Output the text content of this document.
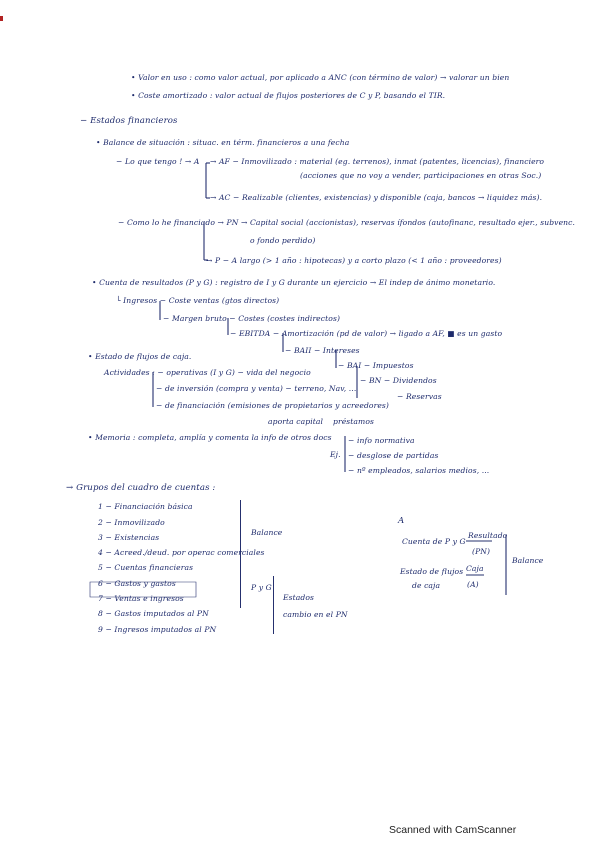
• Valor en uso : como valor actual, por aplicado a ANC (con término de valor) → valorar un bien
• Coste amortizado : valor actual de flujos posteriores de C y P, basando el TIR.
− Estados financieros
• Balance de situación : situac. en térm. financieros a una fecha
− Lo que tengo ! → A → AF − Inmovilizado : material (eg. terrenos), inmat (patentes, licencias), financiero
(acciones que no voy a vender, participaciones en otras Soc.)
→ AC − Realizable (clientes, existencias) y disponible (caja, bancos → liquidez más).
− Como lo he financiado → PN → Capital social (accionistas), reservas ífondos (autofinanc, resultado ejer., subvenc.
o fondo perdido)
→ P − A largo (> 1 año : hipotecas) y a corto plazo (< 1 año : proveedores)
• Cuenta de resultados (P y G) : registro de I y G durante un ejercicio → El indep de ánimo monetario.
└ Ingresos − Coste ventas (gtos directos)
− Margen bruto − Costes (costes indirectos)
− EBITDA − Amortización (pd de valor) → ligado a AF, ■ es un gasto
− BAII − Intereses
• Estado de flujos de caja.
− BAI − Impuestos
Actividades : − operativas (I y G) − vida del negocio
− BN − Dividendos
− de inversión (compra y venta) − terreno, Nav, ...
− Reservas
− de financiación (emisiones de propietarios y acreedores)
aporta capital préstamos
• Memoria : completa, amplía y comenta la info de otros docs
Ej.
− info normativa
− desglose de partidas
− nº empleados, salarios medios, ...
→ Grupos del cuadro de cuentas :
1 − Financiación básica
2 − Inmovilizado
3 − Existencias
4 − Acreed./deud. por operac comerciales
5 − Cuentas financieras
6 − Gastos y gastos
7 − Ventas e ingresos
8 − Gastos imputados al PN
9 − Ingresos imputados al PN
Balance
P y G
Estados
cambio en el PN
A
Cuenta de P y G
Resultado
(PN)
Estado de flujos
de caja
Caja
(A)
Balance
Scanned with CamScanner
